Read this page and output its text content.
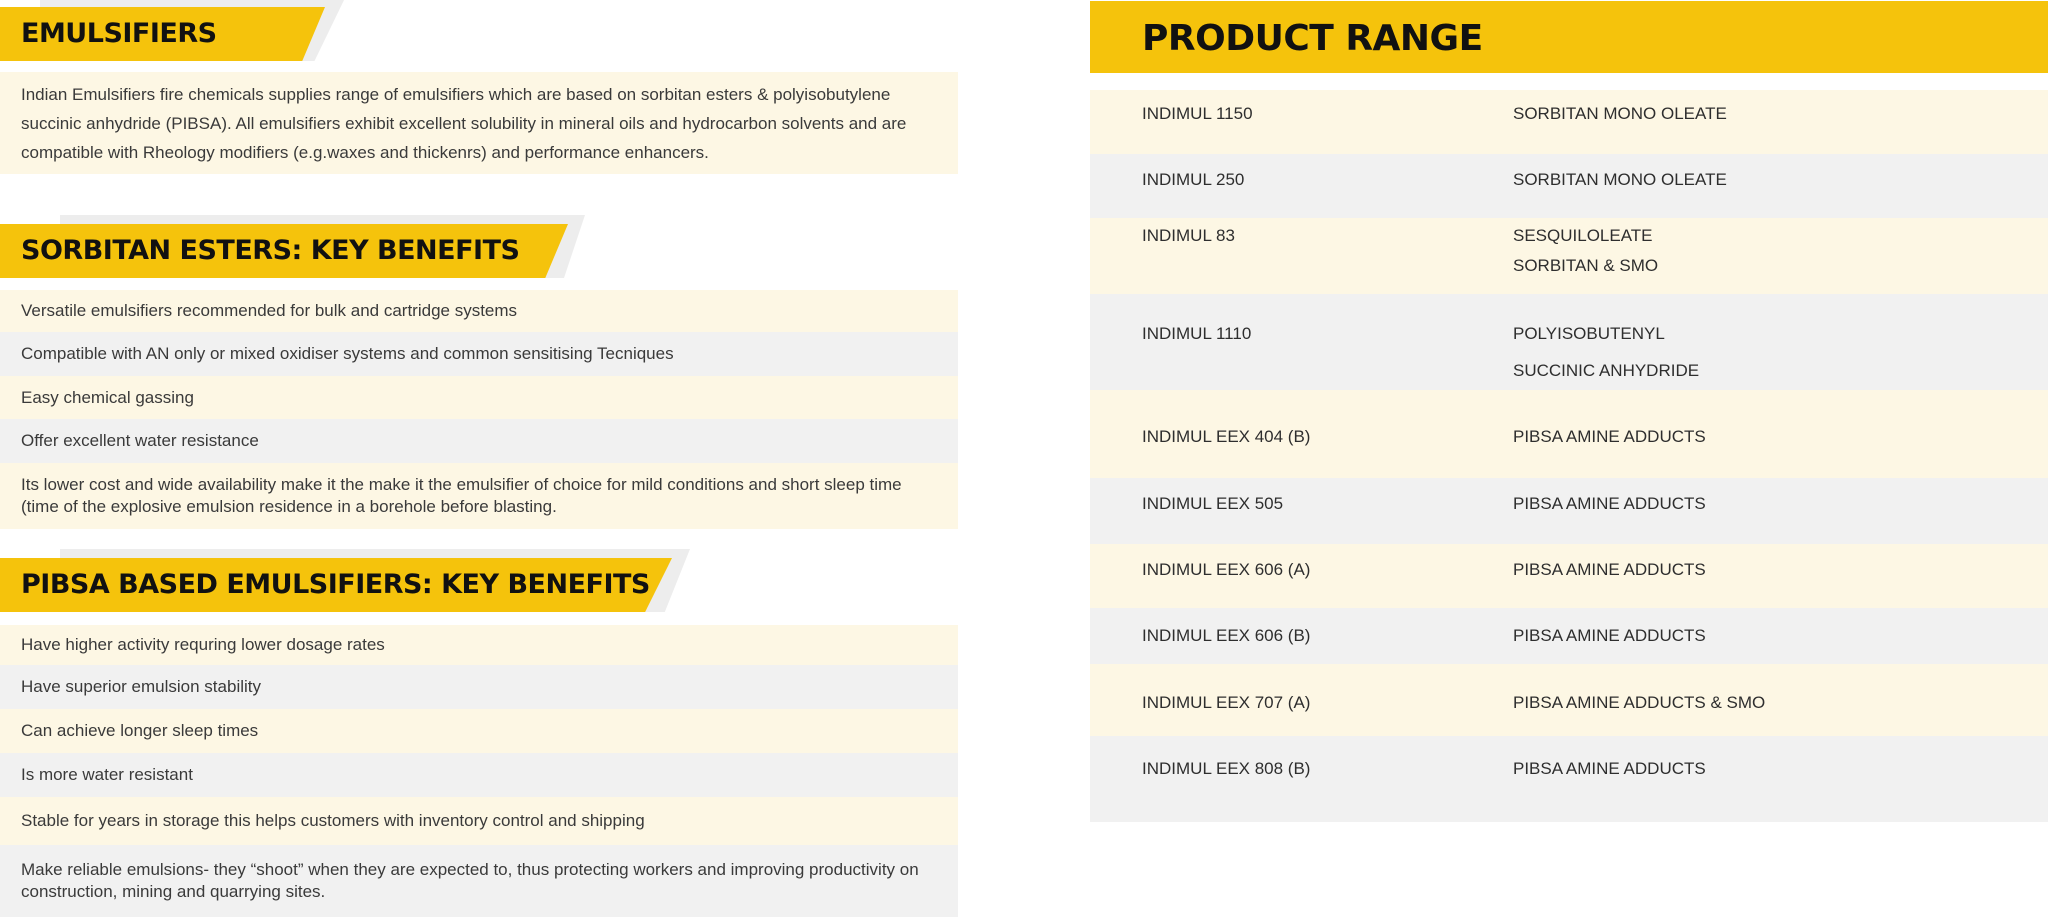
EMULSIFIERS
Indian Emulsifiers fire chemicals supplies range of emulsifiers which are based on sorbitan esters & polyisobutylene succinic anhydride (PIBSA). All emulsifiers exhibit excellent solubility in mineral oils and hydrocarbon solvents and are compatible with Rheology modifiers (e.g.waxes and thickenrs) and performance enhancers.
SORBITAN ESTERS: KEY BENEFITS
Versatile emulsifiers recommended for bulk and cartridge systems
Compatible with AN only or mixed oxidiser systems and common sensitising Tecniques
Easy chemical gassing
Offer excellent water resistance
Its lower cost and wide availability make it the make it the emulsifier of choice for mild conditions and short sleep time (time of the explosive emulsion residence in a borehole before blasting.
PIBSA BASED EMULSIFIERS: KEY BENEFITS
Have higher activity requring lower dosage rates
Have superior emulsion stability
Can achieve longer sleep times
Is more water resistant
Stable for years in storage this helps customers with inventory control and shipping
Make reliable emulsions- they “shoot” when they are expected to, thus protecting workers and improving productivity on construction, mining and quarrying sites.
PRODUCT RANGE
INDIMUL 1150	SORBITAN MONO OLEATE
INDIMUL 250	SORBITAN MONO OLEATE
INDIMUL 83	SESQUILOLEATE
SORBITAN & SMO
INDIMUL 1110	POLYISOBUTENYL
SUCCINIC ANHYDRIDE
INDIMUL EEX 404 (B)	PIBSA AMINE ADDUCTS
INDIMUL EEX 505	PIBSA AMINE ADDUCTS
INDIMUL EEX 606 (A)	PIBSA AMINE ADDUCTS
INDIMUL EEX 606 (B)	PIBSA AMINE ADDUCTS
INDIMUL EEX 707 (A)	PIBSA AMINE ADDUCTS & SMO
INDIMUL EEX 808 (B)	PIBSA AMINE ADDUCTS
